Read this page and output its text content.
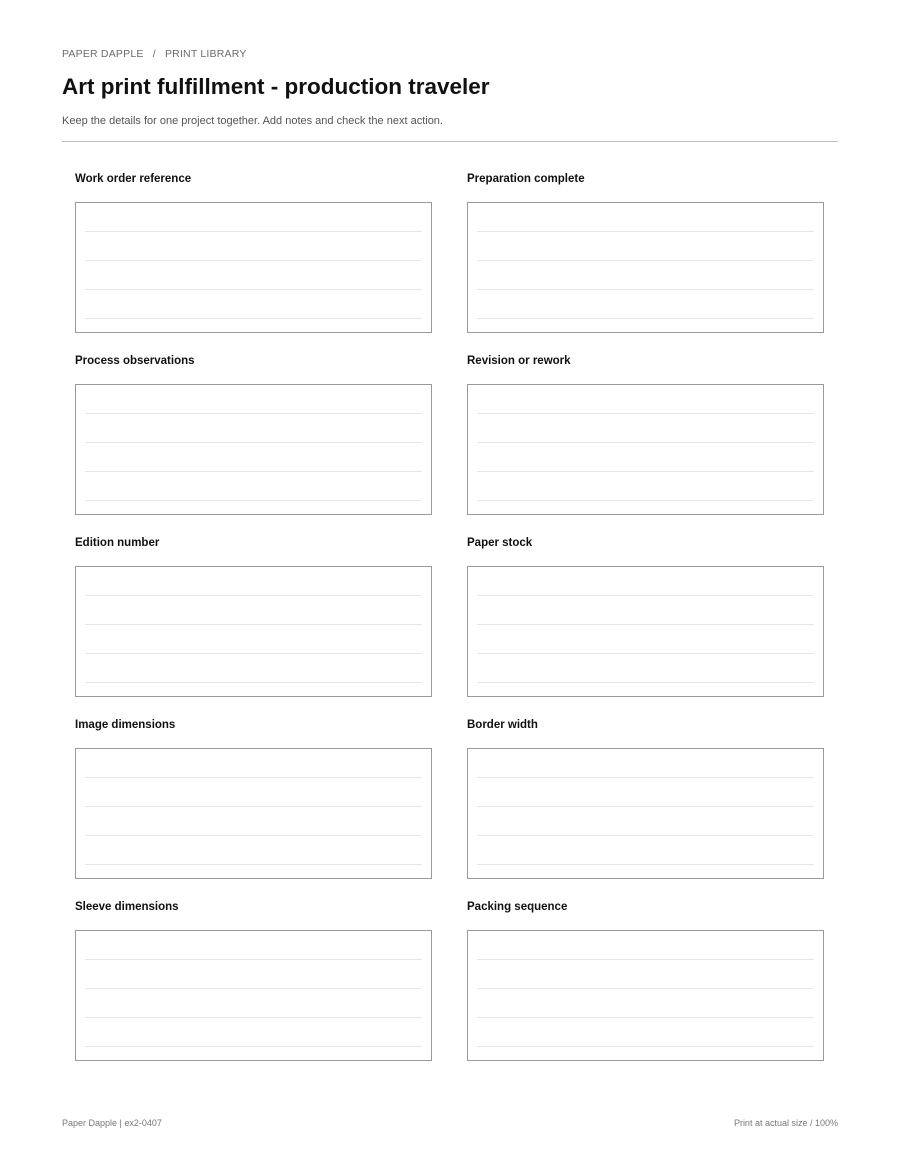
PAPER DAPPLE / PRINT LIBRARY
Art print fulfillment - production traveler
Keep the details for one project together. Add notes and check the next action.
Work order reference	Preparation complete
Process observations	Revision or rework
Edition number	Paper stock
Image dimensions	Border width
Sleeve dimensions	Packing sequence
Paper Dapple | ex2-0407	Print at actual size / 100%
